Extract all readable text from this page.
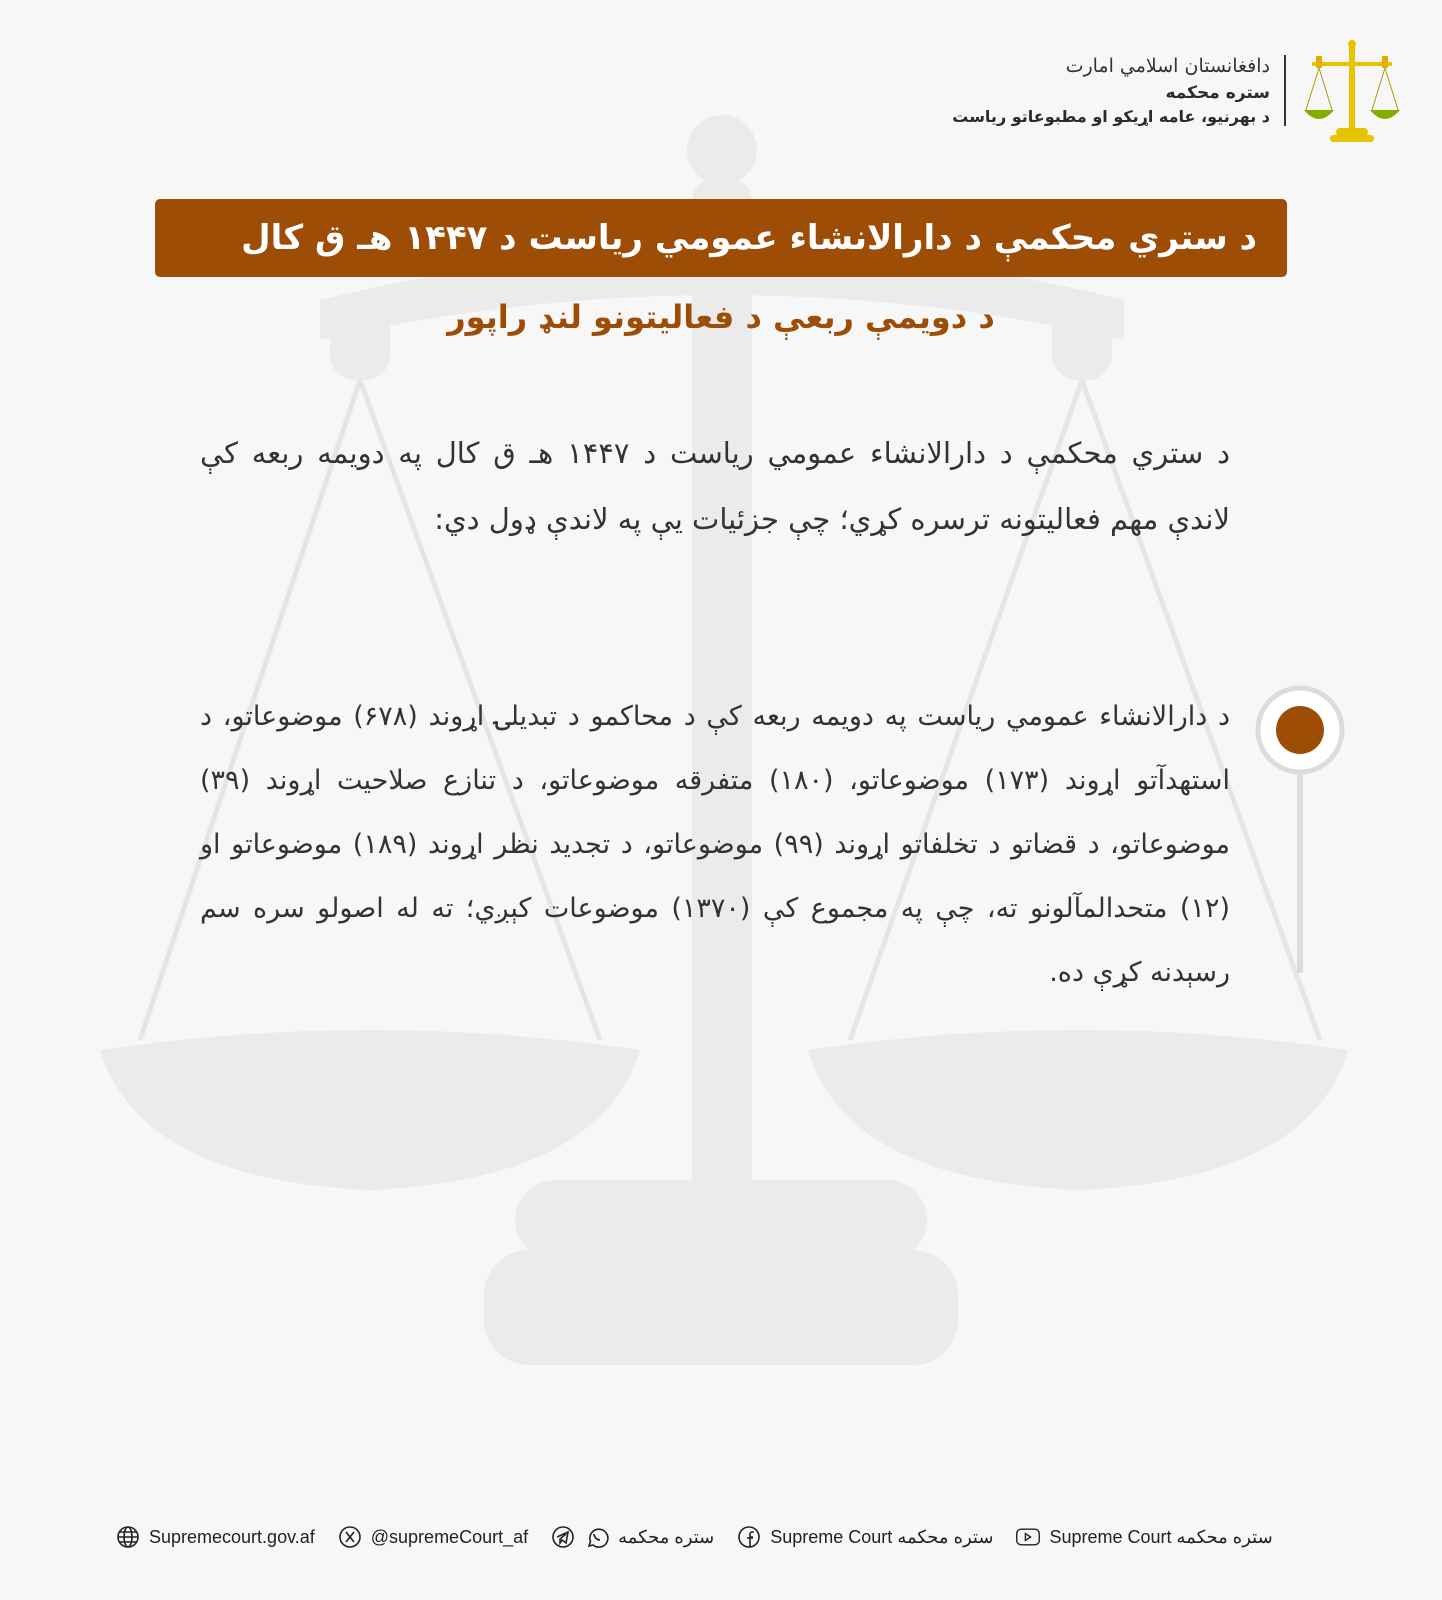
دافغانستان اسلامي امارت
ستره محکمه
د بهرنيو، عامه اړيکو او مطبوعاتو رياست
د ستري محکمې د دارالانشاء عمومي رياست د ۱۴۴۷ هـ ق کال
د دويمې ربعې د فعاليتونو لنډ راپور
د ستري محکمې د دارالانشاء عمومي رياست د ۱۴۴۷ هـ ق کال په دويمه ربعه کې لاندې مهم فعاليتونه ترسره کړي؛ چې جزئيات يې په لاندې ډول دي:
د دارالانشاء عمومي رياست په دويمه ربعه کې د محاکمو د تبديلۍ اړوند (۶۷۸) موضوعاتو، د استهدآتو اړوند (۱۷۳) موضوعاتو، (۱۸۰) متفرقه موضوعاتو، د تنازع صلاحيت اړوند (۳۹) موضوعاتو، د قضاتو د تخلفاتو اړوند (۹۹) موضوعاتو، د تجديد نظر اړوند (۱۸۹) موضوعاتو او (۱۲) متحدالمآلونو ته، چې په مجموع کې (۱۳۷۰) موضوعات کېږي؛ ته له اصولو سره سم رسېدنه کړې ده.
Supremecourt.gov.af	@supremeCourt_af	ستره محکمه	Supreme Court ستره محکمه	Supreme Court ستره محکمه
